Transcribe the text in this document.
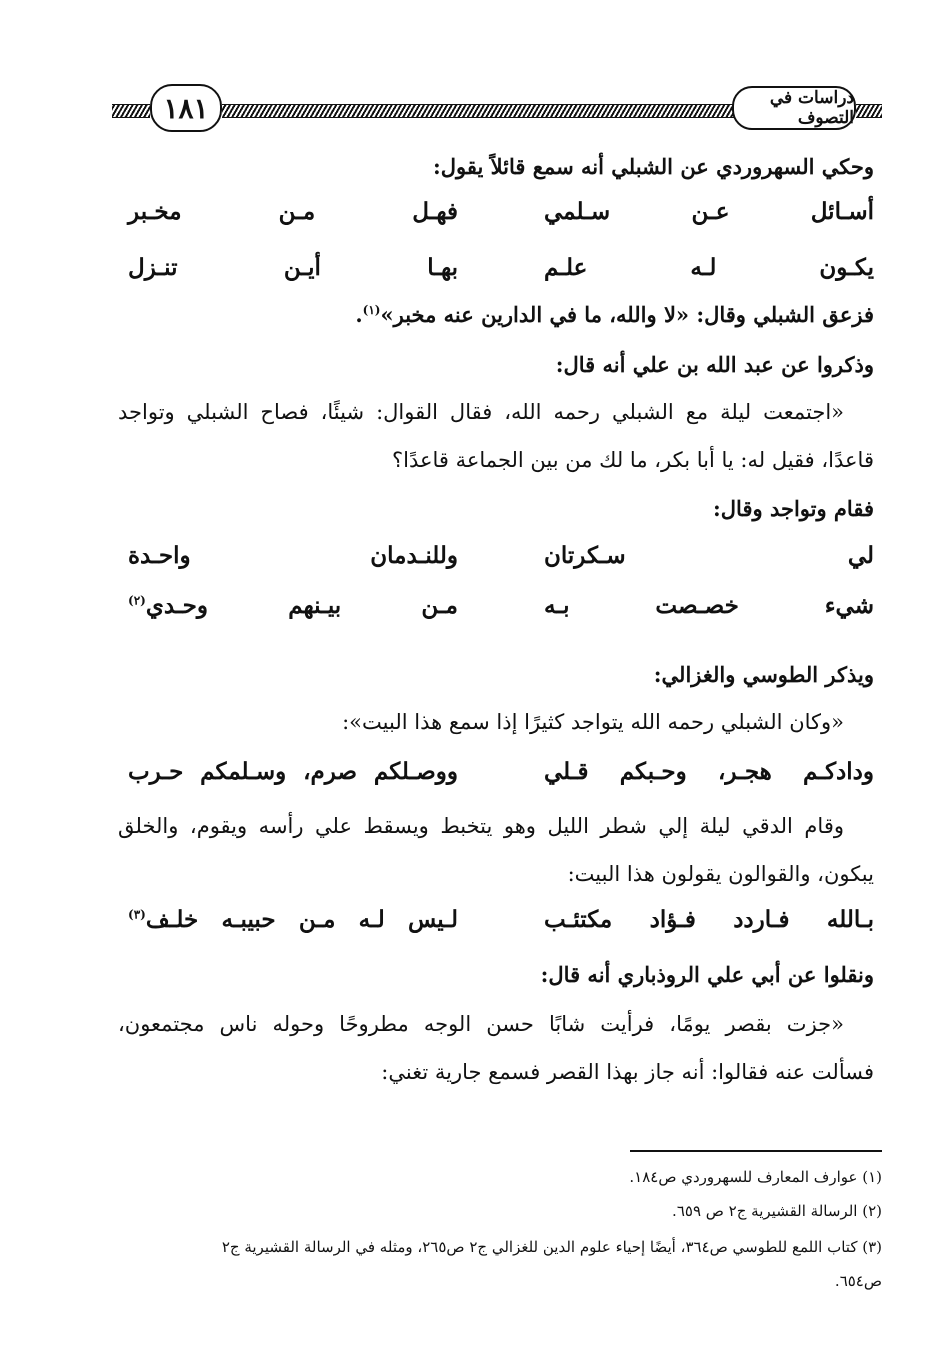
١٨١	دراسات في التصوف
وحكي السهروردي عن الشبلي أنه سمع قائلاً يقول:
أسـائل عـن سـلمي
فهـل مـن مخـبر
يكـون لـه علـم
بهـا أيـن تنـزل
فزعق الشبلي وقال: «لا والله، ما في الدارين عنه مخبر»$^{(١)}$.
وذكروا عن عبد الله بن علي أنه قال:
«اجتمعت ليلة مع الشبلي رحمه الله، فقال القوال: شيئًا، فصاح الشبلي وتواجد
قاعدًا، فقيل له: يا أبا بكر، ما لك من بين الجماعة قاعدًا؟
فقام وتواجد وقال:
لي سـكرتان
وللنـدمان واحـدة
شيء خصـصت بـه
مـن بيـنهم وحـدي$^{(٢)}$
ويذكر الطوسي والغزالي:
«وكان الشبلي رحمه الله يتواجد كثيرًا إذا سمع هذا البيت»:
ودادكـم هجـر، وحـبكم قـلي
ووصـلكم صرم، وسـلمكم حـرب
وقام الدقي ليلة إلي شطر الليل وهو يتخبط ويسقط علي رأسه ويقوم، والخلق
يبكون، والقوالون يقولون هذا البيت:
بـالله فـاردد فـؤاد مكتئـب
لـيس لـه مـن حبيبـه خلـف$^{(٣)}$
ونقلوا عن أبي علي الروذباري أنه قال:
«جزت بقصر يومًا، فرأيت شابًا حسن الوجه مطروحًا وحوله ناس مجتمعون،
فسألت عنه فقالوا: أنه جاز بهذا القصر فسمع جارية تغني:
(١) عوارف المعارف للسهروردي ص١٨٤.
(٢) الرسالة القشيرية ج٢ ص ٦٥٩.
(٣) كتاب اللمع للطوسي ص٣٦٤، أيضًا إحياء علوم الدين للغزالي ج٢ ص٢٦٥، ومثله في الرسالة القشيرية ج٢
ص٦٥٤.
